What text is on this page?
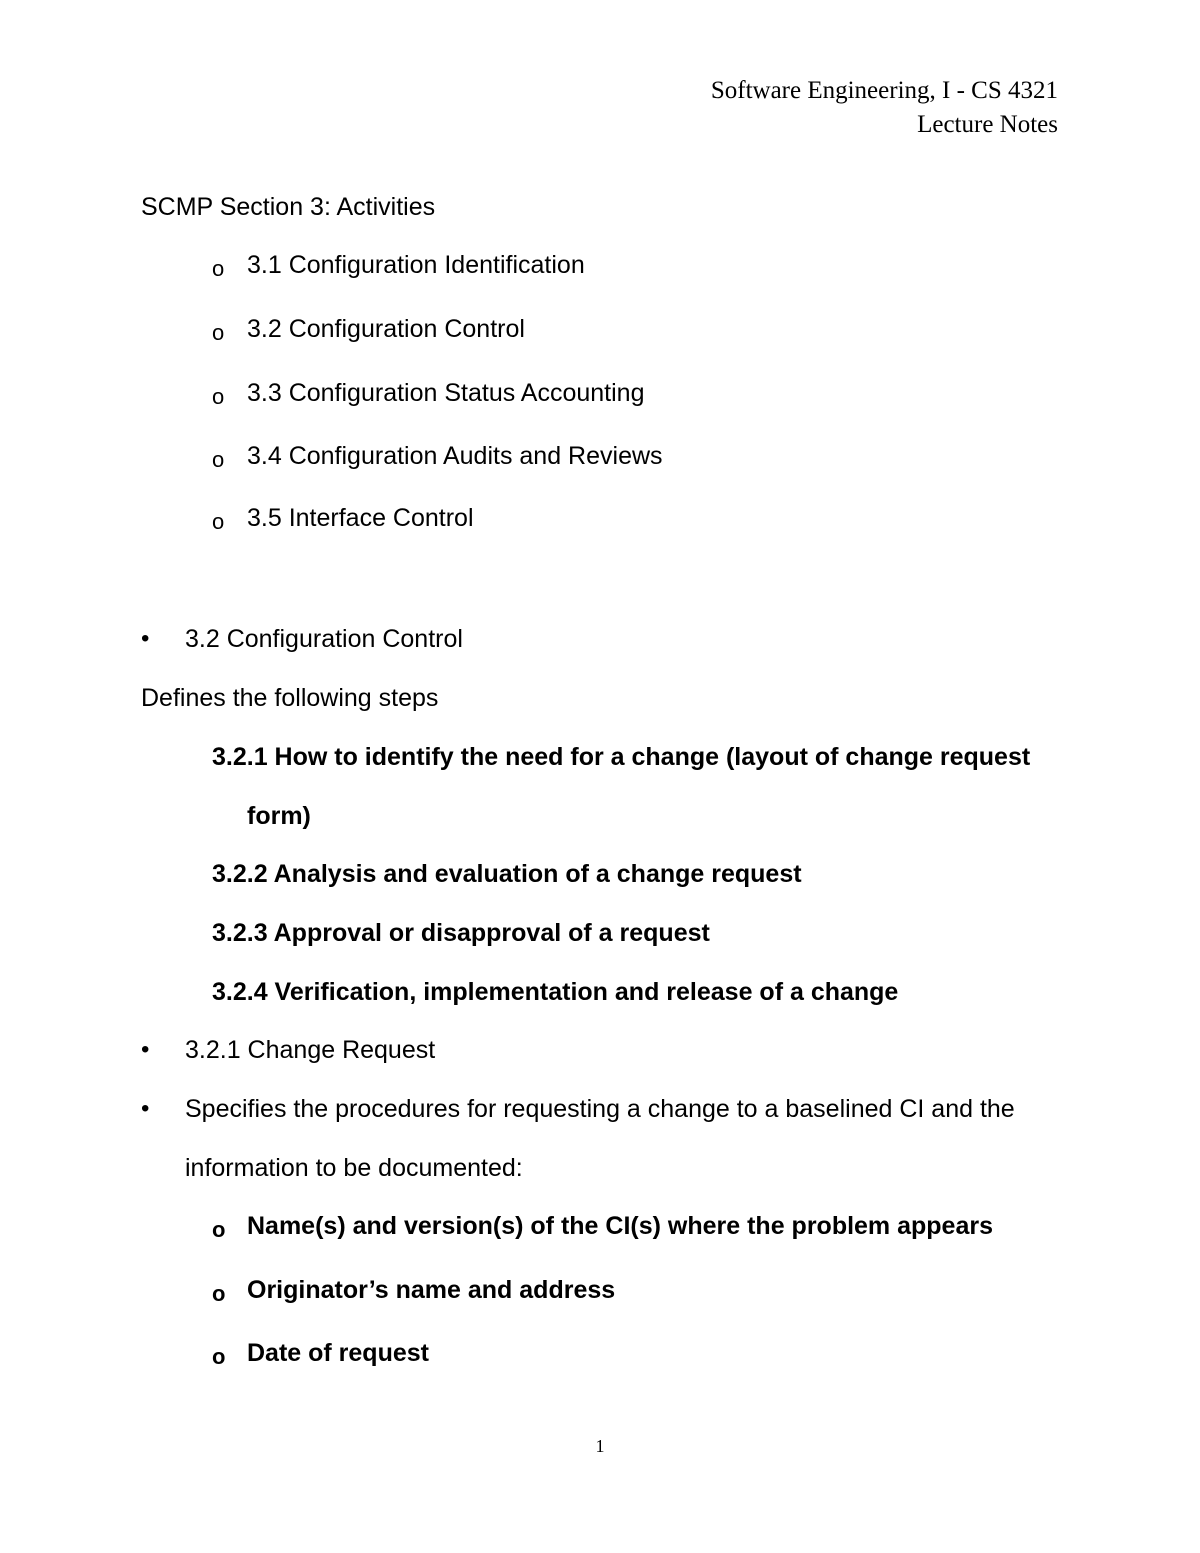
Software Engineering, I - CS 4321
Lecture Notes
SCMP Section 3: Activities
o 3.1 Configuration Identification
o 3.2 Configuration Control
o 3.3 Configuration Status Accounting
o 3.4 Configuration Audits and Reviews
o 3.5 Interface Control
• 3.2 Configuration Control
Defines the following steps
3.2.1 How to identify the need for a change (layout of change request
form)
3.2.2 Analysis and evaluation of a change request
3.2.3 Approval or disapproval of a request
3.2.4 Verification, implementation and release of a change
• 3.2.1 Change Request
• Specifies the procedures for requesting a change to a baselined CI and the
information to be documented:
o Name(s) and version(s) of the CI(s) where the problem appears
o Originator’s name and address
o Date of request
1
